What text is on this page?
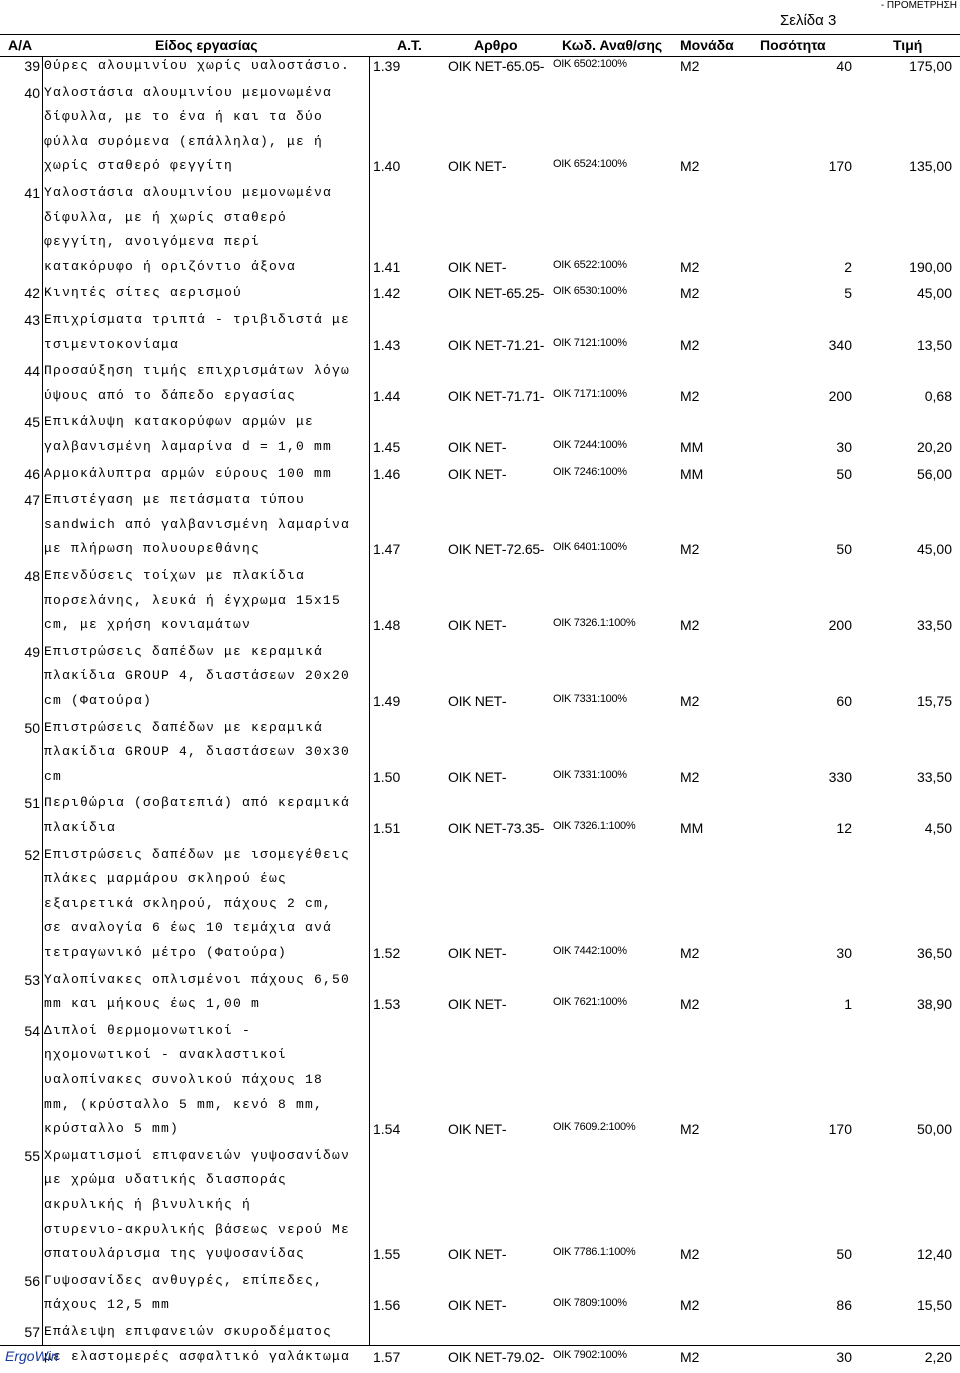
- ΠΡΟΜΕΤΡΗΣΗ
Σελίδα 3
Α/Α	Είδος εργασίας	Α.Τ.	Αρθρο	Κωδ. Αναθ/σης Μονάδα Ποσότητα	Τιμή
39 Θύρες αλουμινίου χωρίς υαλοστάσιο. 1.39	ΟΙΚ ΝΕΤ-65.05- ΟΙΚ 6502:100%	Μ2	40	175,00
40 Υαλοστάσια αλουμινίου μεμονωμένα
δίφυλλα, με το ένα ή και τα δύο
φύλλα συρόμενα (επάλληλα), με ή
χωρίς σταθερό φεγγίτη	1.40	ΟΙΚ ΝΕΤ-	ΟΙΚ 6524:100%	Μ2	170	135,00
41 Υαλοστάσια αλουμινίου μεμονωμένα
δίφυλλα, με ή χωρίς σταθερό
φεγγίτη, ανοιγόμενα περί
κατακόρυφο ή οριζόντιο άξονα	1.41	ΟΙΚ ΝΕΤ-	ΟΙΚ 6522:100%	Μ2	2	190,00
42 Κινητές σίτες αερισμού	1.42	ΟΙΚ ΝΕΤ-65.25- ΟΙΚ 6530:100%	Μ2	5	45,00
43 Επιχρίσματα τριπτά - τριβιδιστά με
τσιμεντοκονίαμα	1.43	ΟΙΚ ΝΕΤ-71.21- ΟΙΚ 7121:100%	Μ2	340	13,50
44 Προσαύξηση τιμής επιχρισμάτων λόγω
ύψους από το δάπεδο εργασίας	1.44	ΟΙΚ ΝΕΤ-71.71- ΟΙΚ 7171:100%	Μ2	200	0,68
45 Επικάλυψη κατακορύφων αρμών με
γαλβανισμένη λαμαρίνα d = 1,0 mm	1.45	ΟΙΚ ΝΕΤ-	ΟΙΚ 7244:100%	ΜΜ	30	20,20
46 Αρμοκάλυπτρα αρμών εύρους 100 mm	1.46	ΟΙΚ ΝΕΤ-	ΟΙΚ 7246:100%	ΜΜ	50	56,00
47 Επιστέγαση με πετάσματα τύπου
sandwich από γαλβανισμένη λαμαρίνα
με πλήρωση πολυουρεθάνης	1.47	ΟΙΚ ΝΕΤ-72.65- ΟΙΚ 6401:100%	Μ2	50	45,00
48 Επενδύσεις τοίχων με πλακίδια
πορσελάνης, λευκά ή έγχρωμα 15x15
cm, με χρήση κονιαμάτων	1.48	ΟΙΚ ΝΕΤ-	ΟΙΚ 7326.1:100%	Μ2	200	33,50
49 Επιστρώσεις δαπέδων με κεραμικά
πλακίδια GROUP 4, διαστάσεων 20x20
cm (Φατούρα)	1.49	ΟΙΚ ΝΕΤ-	ΟΙΚ 7331:100%	Μ2	60	15,75
50 Επιστρώσεις δαπέδων με κεραμικά
πλακίδια GROUP 4, διαστάσεων 30x30
cm	1.50	ΟΙΚ ΝΕΤ-	ΟΙΚ 7331:100%	Μ2	330	33,50
51 Περιθώρια (σοβατεπιά) από κεραμικά
πλακίδια	1.51	ΟΙΚ ΝΕΤ-73.35- ΟΙΚ 7326.1:100%	ΜΜ	12	4,50
52 Επιστρώσεις δαπέδων με ισομεγέθεις
πλάκες μαρμάρου σκληρού έως
εξαιρετικά σκληρού, πάχους 2 cm,
σε αναλογία 6 έως 10 τεμάχια ανά
τετραγωνικό μέτρο (Φατούρα)	1.52	ΟΙΚ ΝΕΤ-	ΟΙΚ 7442:100%	Μ2	30	36,50
53 Υαλοπίνακες οπλισμένοι πάχους 6,50
mm και μήκους έως 1,00 m	1.53	ΟΙΚ ΝΕΤ-	ΟΙΚ 7621:100%	Μ2	1	38,90
54 Διπλοί θερμομονωτικοί -
ηχομονωτικοί - ανακλαστικοί
υαλοπίνακες συνολικού πάχους 18
mm, (κρύσταλλο 5 mm, κενό 8 mm,
κρύσταλλο 5 mm)	1.54	ΟΙΚ ΝΕΤ-	ΟΙΚ 7609.2:100%	Μ2	170	50,00
55 Χρωματισμοί επιφανειών γυψοσανίδων
με χρώμα υδατικής διασποράς
ακρυλικής ή βινυλικής ή
στυρενιο-ακρυλικής βάσεως νερού Με
σπατουλάρισμα της γυψοσανίδας	1.55	ΟΙΚ ΝΕΤ-	ΟΙΚ 7786.1:100%	Μ2	50	12,40
56 Γυψοσανίδες ανθυγρές, επίπεδες,
πάχους 12,5 mm	1.56	ΟΙΚ ΝΕΤ-	ΟΙΚ 7809:100%	Μ2	86	15,50
57 Επάλειψη επιφανειών σκυροδέματος
με ελαστομερές ασφαλτικό γαλάκτωμα 1.57	ΟΙΚ ΝΕΤ-79.02- ΟΙΚ 7902:100%	Μ2	30	2,20
ErgoWin
